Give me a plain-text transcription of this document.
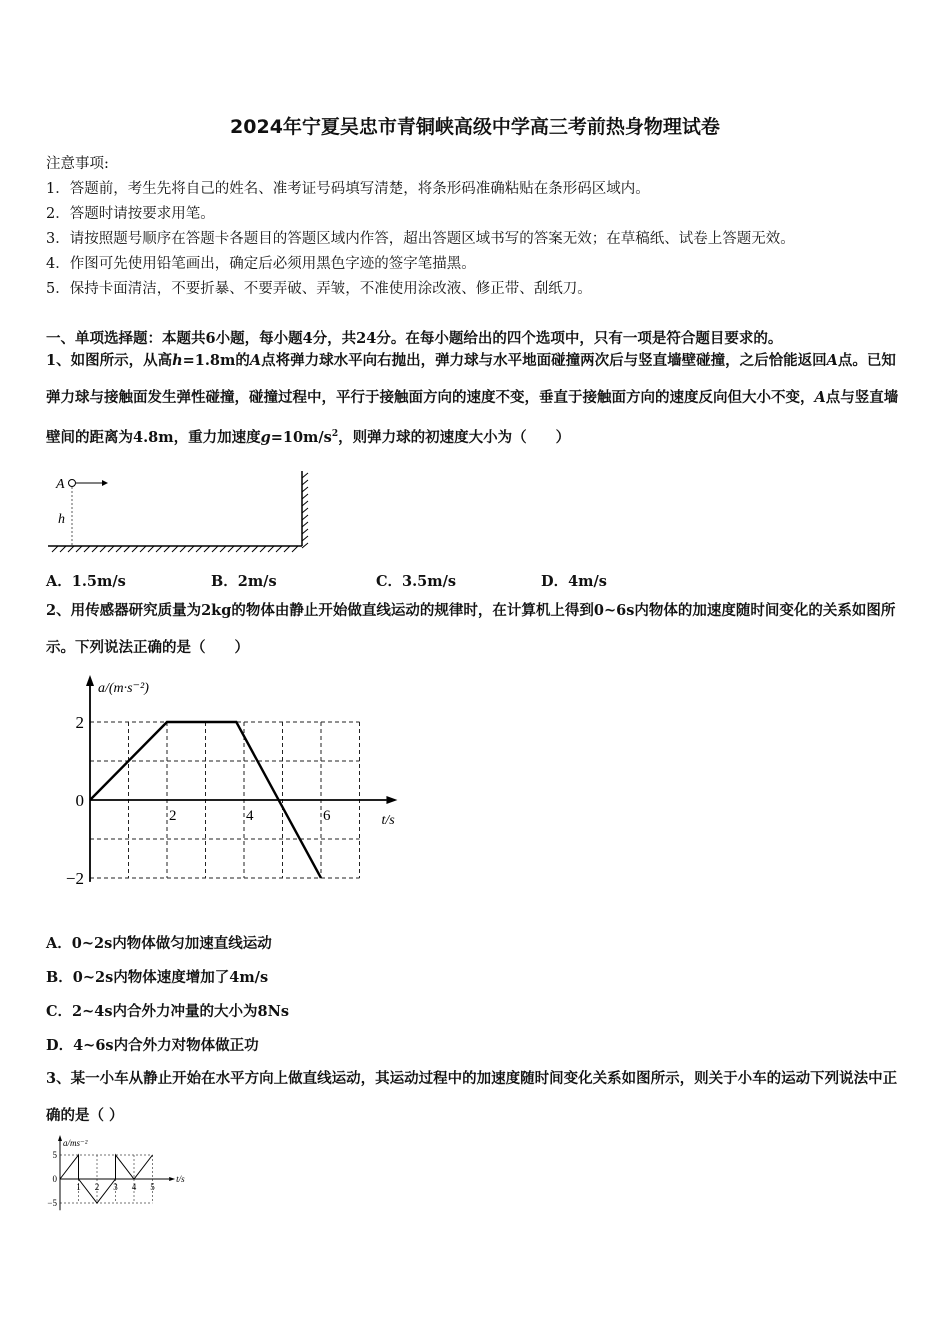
2024年宁夏吴忠市青铜峡高级中学高三考前热身物理试卷
注意事项:
1．答题前，考生先将自己的姓名、准考证号码填写清楚，将条形码准确粘贴在条形码区域内。
2．答题时请按要求用笔。
3．请按照题号顺序在答题卡各题目的答题区域内作答，超出答题区域书写的答案无效；在草稿纸、试卷上答题无效。
4．作图可先使用铅笔画出，确定后必须用黑色字迹的签字笔描黑。
5．保持卡面清洁，不要折暴、不要弄破、弄皱，不准使用涂改液、修正带、刮纸刀。
一、单项选择题：本题共6小题，每小题4分，共24分。在每小题给出的四个选项中，只有一项是符合题目要求的。
1、如图所示，从高h=1.8m的A点将弹力球水平向右抛出，弹力球与水平地面碰撞两次后与竖直墙壁碰撞，之后恰能返回A点。已知弹力球与接触面发生弹性碰撞，碰撞过程中，平行于接触面方向的速度不变，垂直于接触面方向的速度反向但大小不变，A点与竖直墙壁间的距离为4.8m，重力加速度$g=10m/s^2$，则弹力球的初速度大小为（　　）
A
h
A．1.5m/s	B．2m/s	C．3.5m/s	D．4m/s
2、用传感器研究质量为2kg的物体由静止开始做直线运动的规律时，在计算机上得到0~6s内物体的加速度随时间变化的关系如图所示。下列说法正确的是（　　）
a/(m·s⁻²)
t/s
2	4	6
2
0
−2
A．0~2s内物体做匀加速直线运动
B．0~2s内物体速度增加了4m/s
C．2~4s内合外力冲量的大小为8Ns
D．4~6s内合外力对物体做正功
3、某一小车从静止开始在水平方向上做直线运动，其运动过程中的加速度随时间变化关系如图所示，则关于小车的运动下列说法中正确的是（ ）
a/ms⁻²
t/s
1 2 3 4 5
5
0
−5
